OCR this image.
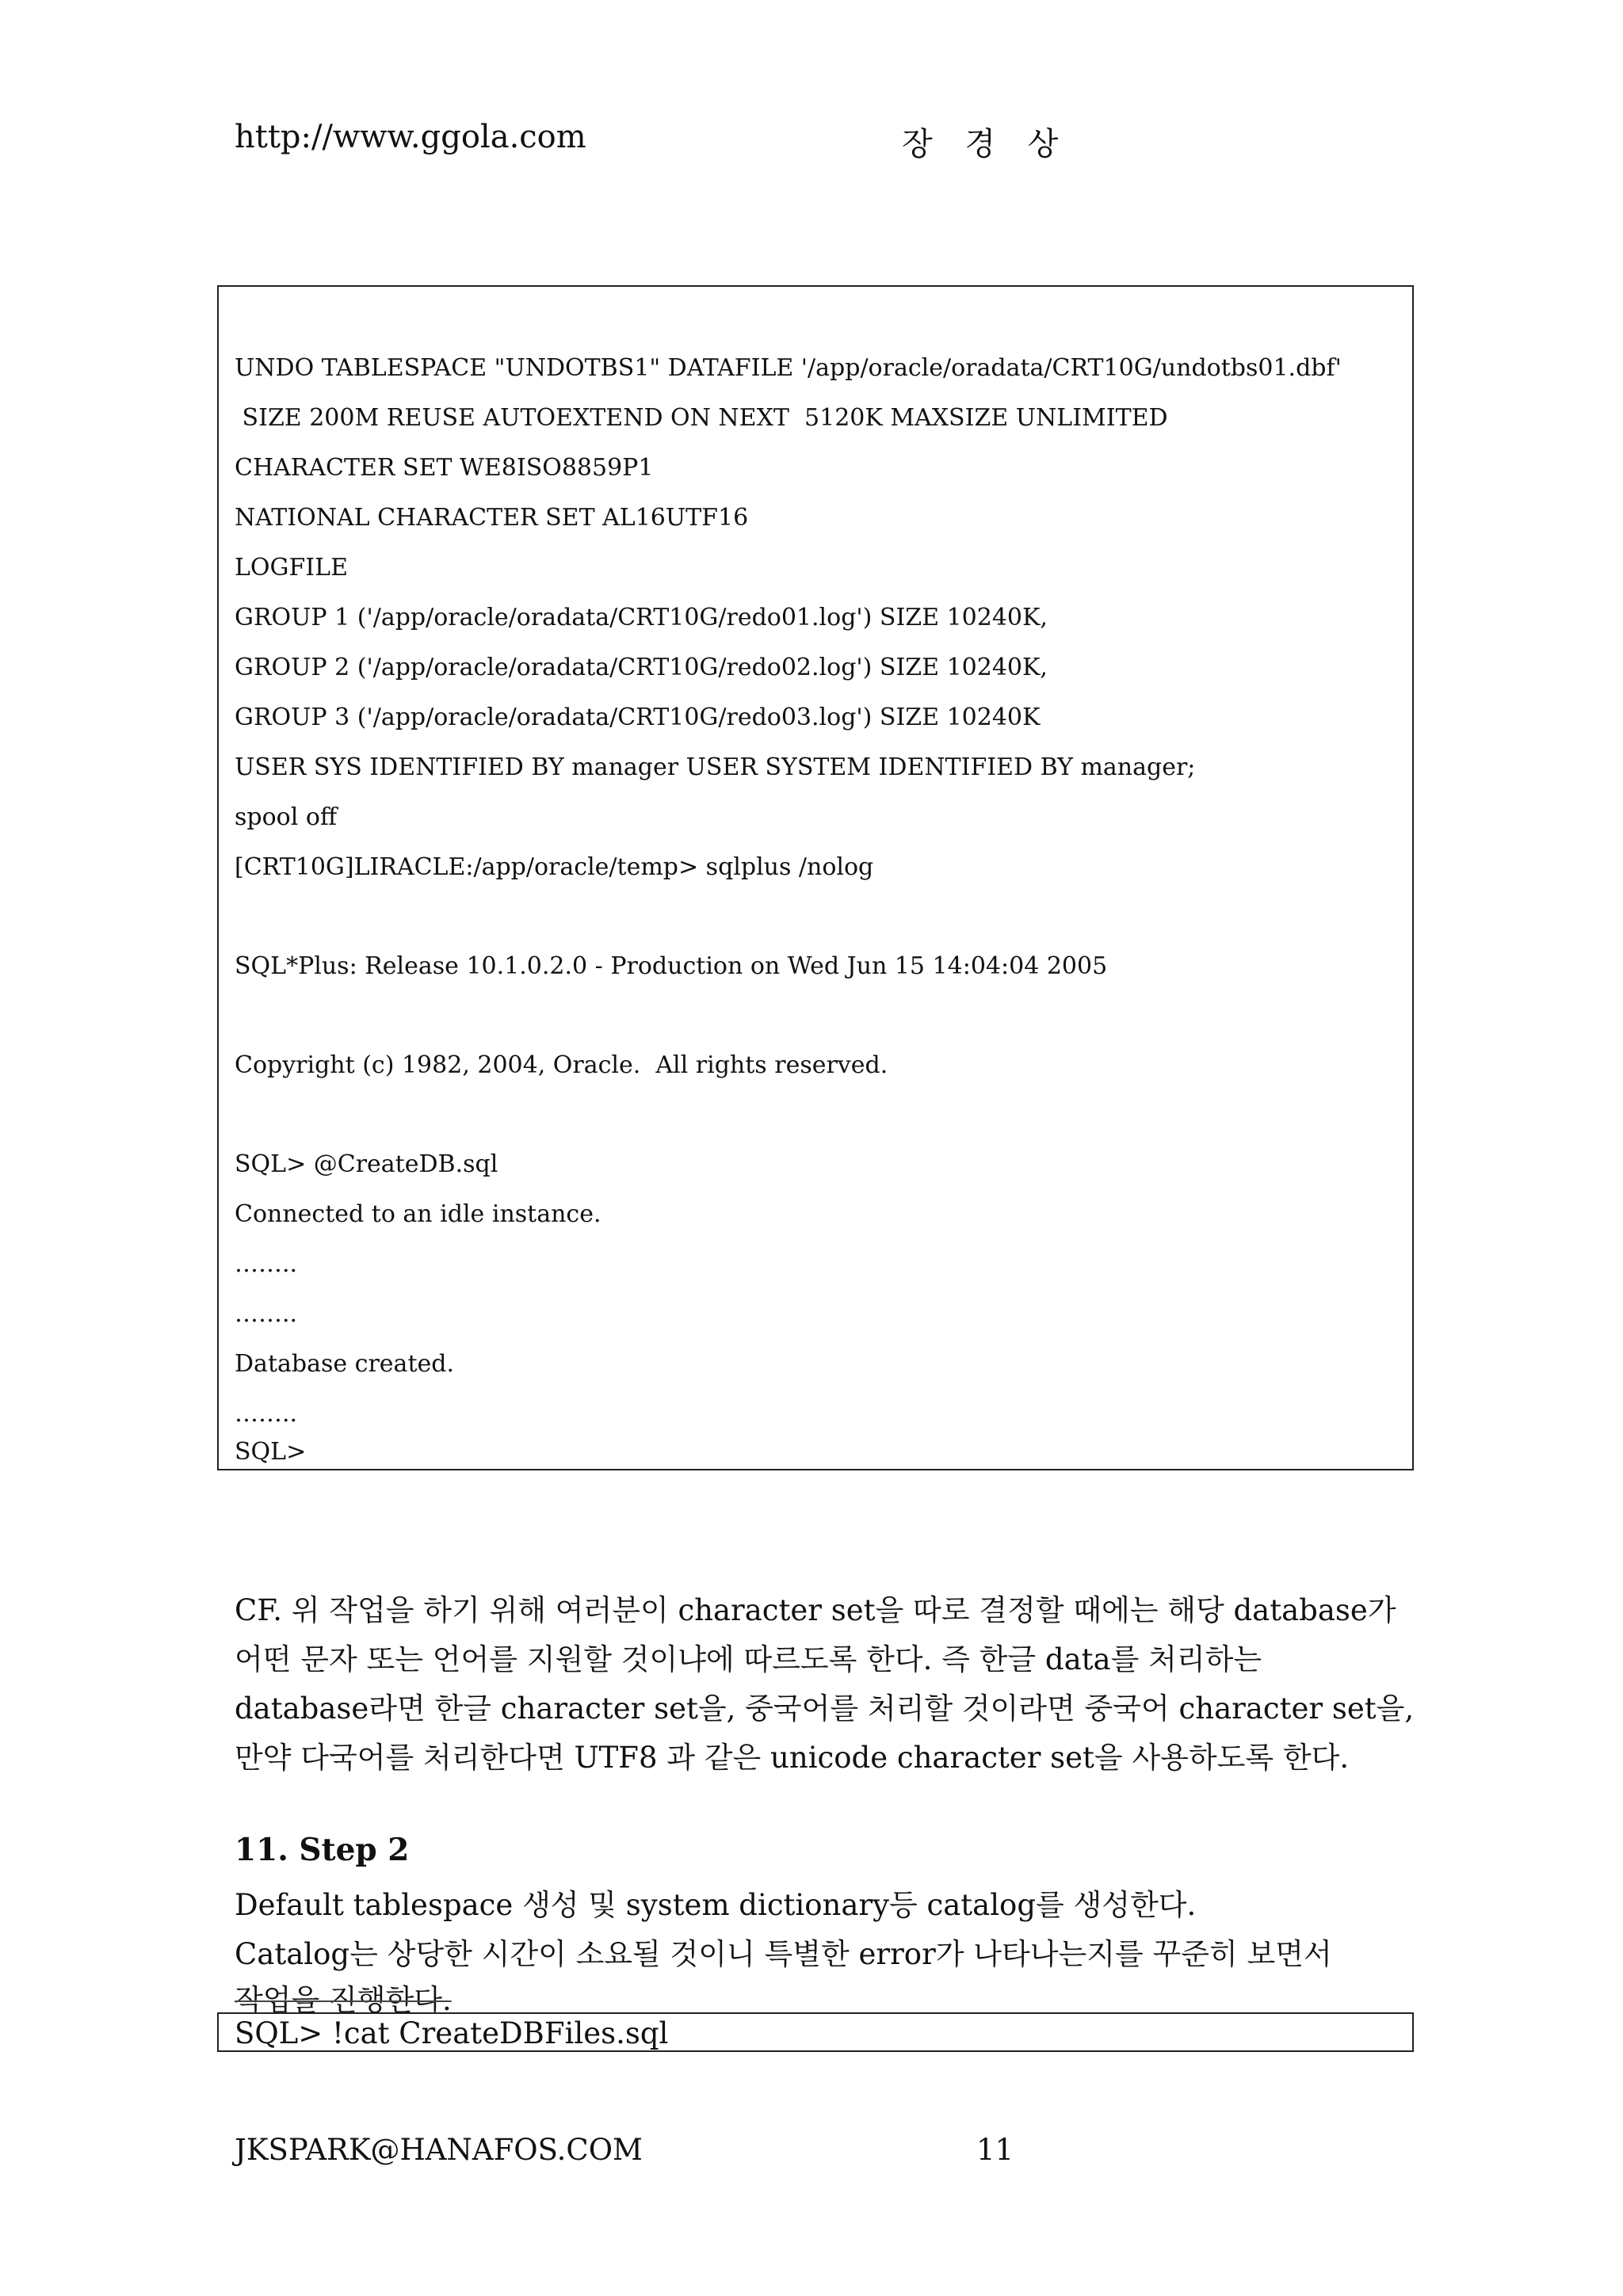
http://www.ggola.com	장 경 상
UNDO TABLESPACE "UNDOTBS1" DATAFILE '/app/oracle/oradata/CRT10G/undotbs01.dbf'
SIZE 200M REUSE AUTOEXTEND ON NEXT  5120K MAXSIZE UNLIMITED
CHARACTER SET WE8ISO8859P1
NATIONAL CHARACTER SET AL16UTF16
LOGFILE
GROUP 1 ('/app/oracle/oradata/CRT10G/redo01.log') SIZE 10240K,
GROUP 2 ('/app/oracle/oradata/CRT10G/redo02.log') SIZE 10240K,
GROUP 3 ('/app/oracle/oradata/CRT10G/redo03.log') SIZE 10240K
USER SYS IDENTIFIED BY manager USER SYSTEM IDENTIFIED BY manager;
spool off
[CRT10G]LIRACLE:/app/oracle/temp> sqlplus /nolog
SQL*Plus: Release 10.1.0.2.0 - Production on Wed Jun 15 14:04:04 2005
Copyright (c) 1982, 2004, Oracle.  All rights reserved.
SQL> @CreateDB.sql
Connected to an idle instance.
……..
……..
Database created.
……..
SQL>
CF. 위 작업을 하기 위해 여러분이 character set을 따로 결정할 때에는 해당 database가
어떤 문자 또는 언어를 지원할 것이냐에 따르도록 한다. 즉 한글 data를 처리하는
database라면 한글 character set을, 중국어를 처리할 것이라면 중국어 character set을,
만약 다국어를 처리한다면 UTF8 과 같은 unicode character set을 사용하도록 한다.
11. Step 2
Default tablespace 생성 및 system dictionary등 catalog를 생성한다.
Catalog는 상당한 시간이 소요될 것이니 특별한 error가 나타나는지를 꾸준히 보면서
작업을 진행한다.
SQL> !cat CreateDBFiles.sql
JKSPARK@HANAFOS.COM	11
